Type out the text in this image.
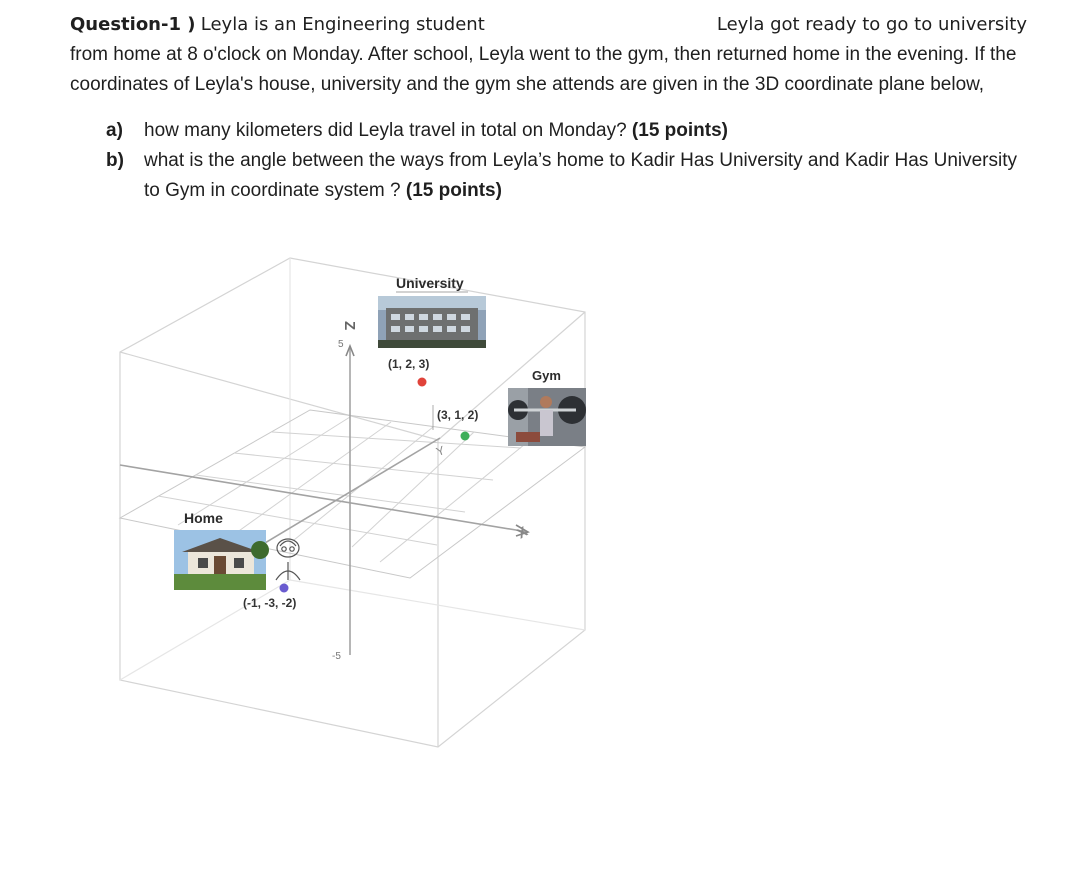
Question-1 ) Leyla is an Engineering student	Leyla got ready to go to university

from home at 8 o'clock on Monday. After school, Leyla went to the gym, then returned home in the evening. If the coordinates of Leyla's house, university and the gym she attends are given in the 3D coordinate plane below,

a) how many kilometers did Leyla travel in total on Monday? (15 points)
b) what is the angle between the ways from Leyla’s home to Kadir Has University and Kadir Has University to Gym in coordinate system ? (15 points)
Z
5
-5
X
Y
University
(1, 2, 3)
Gym
(3, 1, 2)
Home
(-1, -3, -2)
